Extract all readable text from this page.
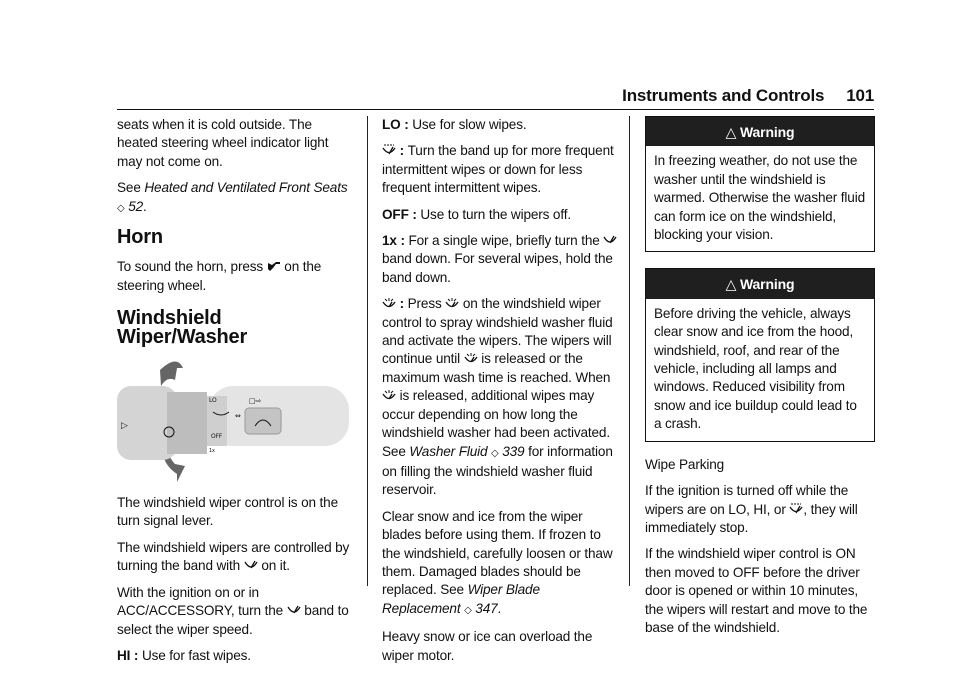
Instruments and Controls 101

seats when it is cold outside. The heated steering wheel indicator light may not come on.

See Heated and Ventilated Front Seats ◇ 52.

Horn

To sound the horn, press  on the steering wheel.

Windshield Wiper/Washer
▷
LO
OFF
1x
□⇨
⇔

The windshield wiper control is on the turn signal lever.

The windshield wipers are controlled by turning the band with  on it.

With the ignition on or in ACC/ACCESSORY, turn the  band to select the wiper speed.

HI : Use for fast wipes.

LO : Use for slow wipes.

: Turn the band up for more frequent intermittent wipes or down for less frequent intermittent wipes.

OFF : Use to turn the wipers off.

1x : For a single wipe, briefly turn the  band down. For several wipes, hold the band down.

: Press  on the windshield wiper control to spray windshield washer fluid and activate the wipers. The wipers will continue until  is released or the maximum wash time is reached. When  is released, additional wipes may occur depending on how long the windshield washer had been activated. See Washer Fluid ◇ 339 for information on filling the windshield washer fluid reservoir.

Clear snow and ice from the wiper blades before using them. If frozen to the windshield, carefully loosen or thaw them. Damaged blades should be replaced. See Wiper Blade Replacement ◇ 347.

Heavy snow or ice can overload the wiper motor.

△ Warning
In freezing weather, do not use the washer until the windshield is warmed. Otherwise the washer fluid can form ice on the windshield, blocking your vision.
△ Warning
Before driving the vehicle, always clear snow and ice from the hood, windshield, roof, and rear of the vehicle, including all lamps and windows. Reduced visibility from snow and ice buildup could lead to a crash.

Wipe Parking

If the ignition is turned off while the wipers are on LO, HI, or , they will immediately stop.

If the windshield wiper control is ON then moved to OFF before the driver door is opened or within 10 minutes, the wipers will restart and move to the base of the windshield.
